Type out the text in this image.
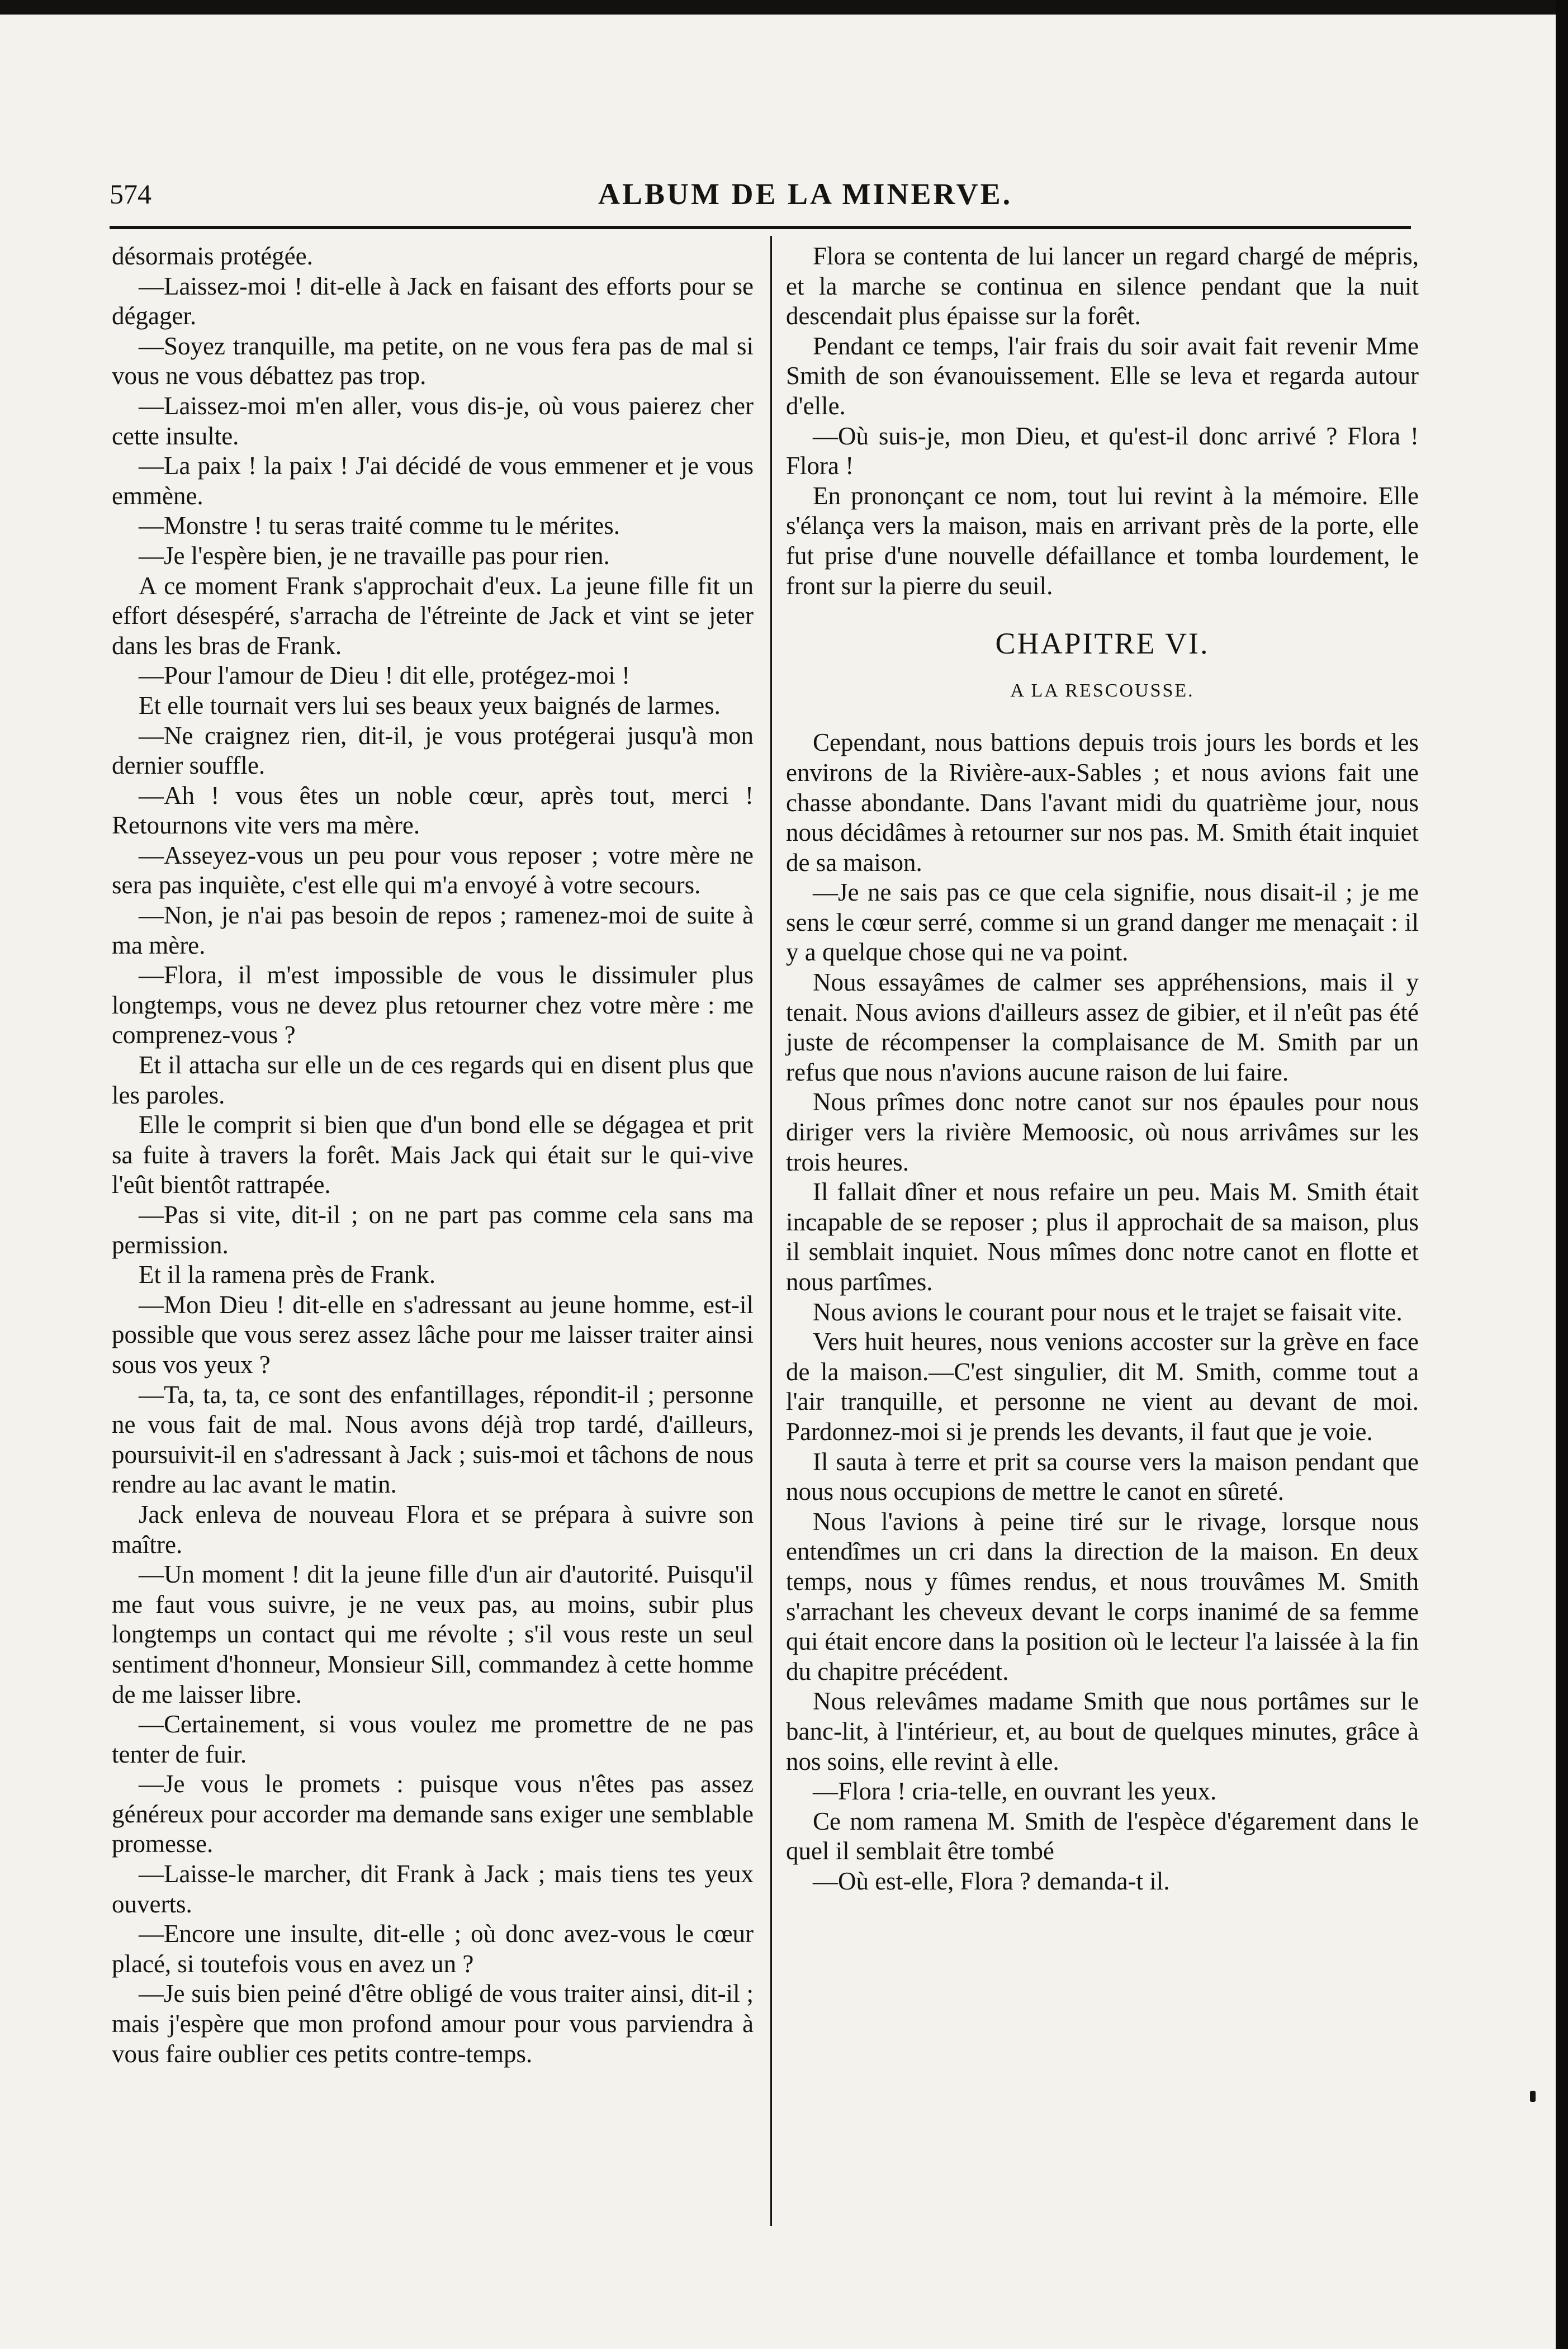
574	ALBUM DE LA MINERVE.

désormais protégée.

—Laissez-moi ! dit-elle à Jack en faisant des efforts pour se dégager.

—Soyez tranquille, ma petite, on ne vous fera pas de mal si vous ne vous débattez pas trop.

—Laissez-moi m'en aller, vous dis-je, où vous paierez cher cette insulte.

—La paix ! la paix ! J'ai décidé de vous emmener et je vous emmène.

—Monstre ! tu seras traité comme tu le mérites.

—Je l'espère bien, je ne travaille pas pour rien.

A ce moment Frank s'approchait d'eux. La jeune fille fit un effort désespéré, s'arracha de l'étreinte de Jack et vint se jeter dans les bras de Frank.

—Pour l'amour de Dieu ! dit elle, protégez-moi !

Et elle tournait vers lui ses beaux yeux baignés de larmes.

—Ne craignez rien, dit-il, je vous protégerai jusqu'à mon dernier souffle.

—Ah ! vous êtes un noble cœur, après tout, merci ! Retournons vite vers ma mère.

—Asseyez-vous un peu pour vous reposer ; votre mère ne sera pas inquiète, c'est elle qui m'a envoyé à votre secours.

—Non, je n'ai pas besoin de repos ; ramenez-moi de suite à ma mère.

—Flora, il m'est impossible de vous le dissimuler plus longtemps, vous ne devez plus retourner chez votre mère : me comprenez-vous ?

Et il attacha sur elle un de ces regards qui en disent plus que les paroles.

Elle le comprit si bien que d'un bond elle se dégagea et prit sa fuite à travers la forêt. Mais Jack qui était sur le qui-vive l'eût bientôt rattrapée.

—Pas si vite, dit-il ; on ne part pas comme cela sans ma permission.

Et il la ramena près de Frank.

—Mon Dieu ! dit-elle en s'adressant au jeune homme, est-il possible que vous serez assez lâche pour me laisser traiter ainsi sous vos yeux ?

—Ta, ta, ta, ce sont des enfantillages, répondit-il ; personne ne vous fait de mal. Nous avons déjà trop tardé, d'ailleurs, poursuivit-il en s'adressant à Jack ; suis-moi et tâchons de nous rendre au lac avant le matin.

Jack enleva de nouveau Flora et se prépara à suivre son maître.

—Un moment ! dit la jeune fille d'un air d'autorité. Puisqu'il me faut vous suivre, je ne veux pas, au moins, subir plus longtemps un contact qui me révolte ; s'il vous reste un seul sentiment d'honneur, Monsieur Sill, commandez à cette homme de me laisser libre.

—Certainement, si vous voulez me promettre de ne pas tenter de fuir.

—Je vous le promets : puisque vous n'êtes pas assez généreux pour accorder ma demande sans exiger une semblable promesse.

—Laisse-le marcher, dit Frank à Jack ; mais tiens tes yeux ouverts.

—Encore une insulte, dit-elle ; où donc avez-vous le cœur placé, si toutefois vous en avez un ?

—Je suis bien peiné d'être obligé de vous traiter ainsi, dit-il ; mais j'espère que mon profond amour pour vous parviendra à vous faire oublier ces petits contre-temps.

Flora se contenta de lui lancer un regard chargé de mépris, et la marche se continua en silence pendant que la nuit descendait plus épaisse sur la forêt.

Pendant ce temps, l'air frais du soir avait fait revenir Mme Smith de son évanouissement. Elle se leva et regarda autour d'elle.

—Où suis-je, mon Dieu, et qu'est-il donc arrivé ? Flora ! Flora !

En prononçant ce nom, tout lui revint à la mémoire. Elle s'élança vers la maison, mais en arrivant près de la porte, elle fut prise d'une nouvelle défaillance et tomba lourdement, le front sur la pierre du seuil.

CHAPITRE VI.

A LA RESCOUSSE.

Cependant, nous battions depuis trois jours les bords et les environs de la Rivière-aux-Sables ; et nous avions fait une chasse abondante. Dans l'avant midi du quatrième jour, nous nous décidâmes à retourner sur nos pas. M. Smith était inquiet de sa maison.

—Je ne sais pas ce que cela signifie, nous disait-il ; je me sens le cœur serré, comme si un grand danger me menaçait : il y a quelque chose qui ne va point.

Nous essayâmes de calmer ses appréhensions, mais il y tenait. Nous avions d'ailleurs assez de gibier, et il n'eût pas été juste de récompenser la complaisance de M. Smith par un refus que nous n'avions aucune raison de lui faire.

Nous prîmes donc notre canot sur nos épaules pour nous diriger vers la rivière Memoosic, où nous arrivâmes sur les trois heures.

Il fallait dîner et nous refaire un peu. Mais M. Smith était incapable de se reposer ; plus il approchait de sa maison, plus il semblait inquiet. Nous mîmes donc notre canot en flotte et nous partîmes.

Nous avions le courant pour nous et le trajet se faisait vite.

Vers huit heures, nous venions accoster sur la grève en face de la maison.—C'est singulier, dit M. Smith, comme tout a l'air tranquille, et personne ne vient au devant de moi. Pardonnez-moi si je prends les devants, il faut que je voie.

Il sauta à terre et prit sa course vers la maison pendant que nous nous occupions de mettre le canot en sûreté.

Nous l'avions à peine tiré sur le rivage, lorsque nous entendîmes un cri dans la direction de la maison. En deux temps, nous y fûmes rendus, et nous trouvâmes M. Smith s'arrachant les cheveux devant le corps inanimé de sa femme qui était encore dans la position où le lecteur l'a laissée à la fin du chapitre précédent.

Nous relevâmes madame Smith que nous portâmes sur le banc-lit, à l'intérieur, et, au bout de quelques minutes, grâce à nos soins, elle revint à elle.

—Flora ! cria-telle, en ouvrant les yeux.

Ce nom ramena M. Smith de l'espèce d'égarement dans le quel il semblait être tombé

—Où est-elle, Flora ? demanda-t il.
